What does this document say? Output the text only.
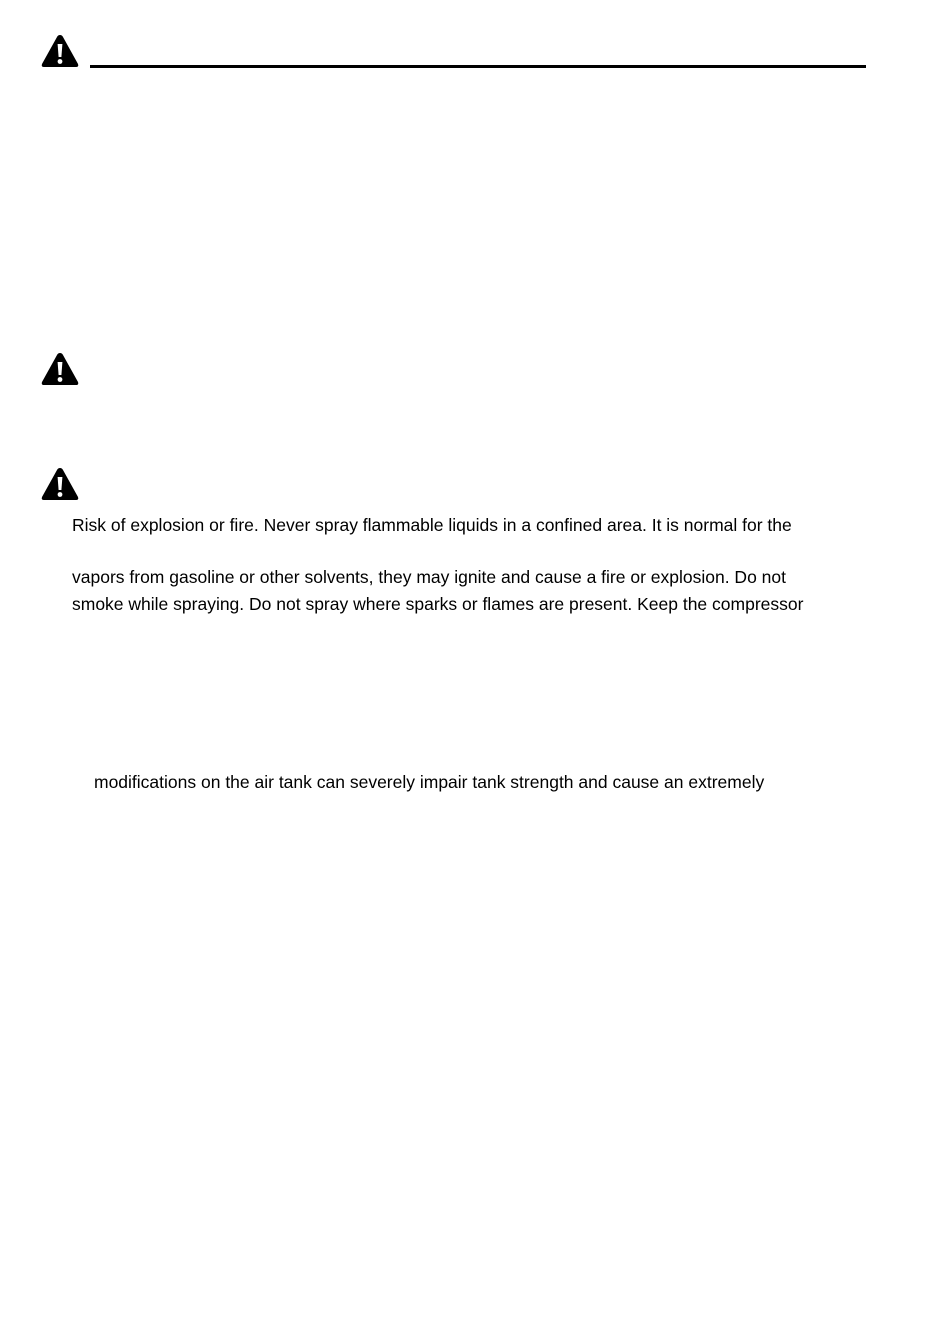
Risk of explosion or fire. Never spray flammable liquids in a confined area. It is normal for the
vapors from gasoline or other solvents, they may ignite and cause a fire or explosion. Do not
smoke while spraying. Do not spray where sparks or flames are present. Keep the compressor
modifications on the air tank can severely impair tank strength and cause an extremely
